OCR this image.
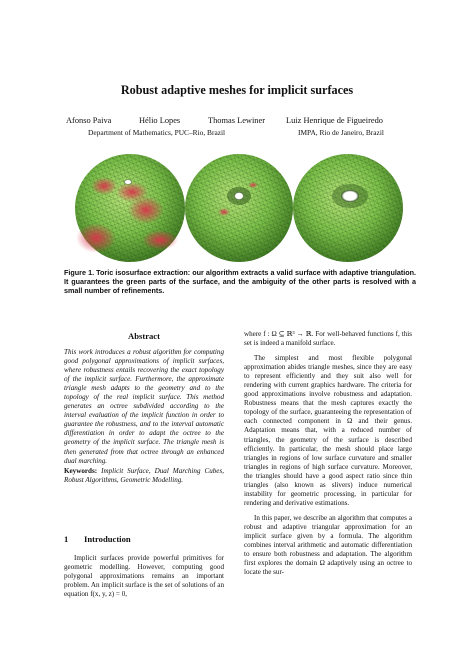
Robust adaptive meshes for implicit surfaces
Afonso Paiva	Hélio Lopes	Thomas Lewiner	Luiz Henrique de Figueiredo
Department of Mathematics, PUC–Rio, Brazil	IMPA, Rio de Janeiro, Brazil
Figure 1. Toric isosurface extraction: our algorithm extracts a valid surface with adaptive triangulation. It guarantees the green parts of the surface, and the ambiguity of the other parts is resolved with a small number of refinements.
Abstract
This work introduces a robust algorithm for computing good polygonal approximations of implicit surfaces, where robustness entails recovering the exact topology of the implicit surface. Furthermore, the approximate triangle mesh adapts to the geometry and to the topology of the real implicit surface. This method generates an octree subdivided according to the interval evaluation of the implicit function in order to guarantee the robustness, and to the interval automatic differentiation in order to adapt the octree to the geometry of the implicit surface. The triangle mesh is then generated from that octree through an enhanced dual marching.
Keywords: Implicit Surface, Dual Marching Cubes, Robust Algorithms, Geometric Modelling.
1 Introduction

Implicit surfaces provide powerful primitives for geometric modelling. However, computing good polygonal approximations remains an important problem. An implicit surface is the set of solutions of an equation f(x, y, z) = 0,

where f : Ω ⊆ ℝ³ → ℝ. For well-behaved functions f, this set is indeed a manifold surface.

The simplest and most flexible polygonal approximation abides triangle meshes, since they are easy to represent efficiently and they suit also well for rendering with current graphics hardware. The criteria for good approximations involve robustness and adaptation. Robustness means that the mesh captures exactly the topology of the surface, guaranteeing the representation of each connected component in Ω and their genus. Adaptation means that, with a reduced number of triangles, the geometry of the surface is described efficiently. In particular, the mesh should place large triangles in regions of low surface curvature and smaller triangles in regions of high surface curvature. Moreover, the triangles should have a good aspect ratio since thin triangles (also known as slivers) induce numerical instability for geometric processing, in particular for rendering and derivative estimations.

In this paper, we describe an algorithm that computes a robust and adaptive triangular approximation for an implicit surface given by a formula. The algorithm combines interval arithmetic and automatic differentiation to ensure both robustness and adaptation. The algorithm first explores the domain Ω adaptively using an octree to locate the sur-
